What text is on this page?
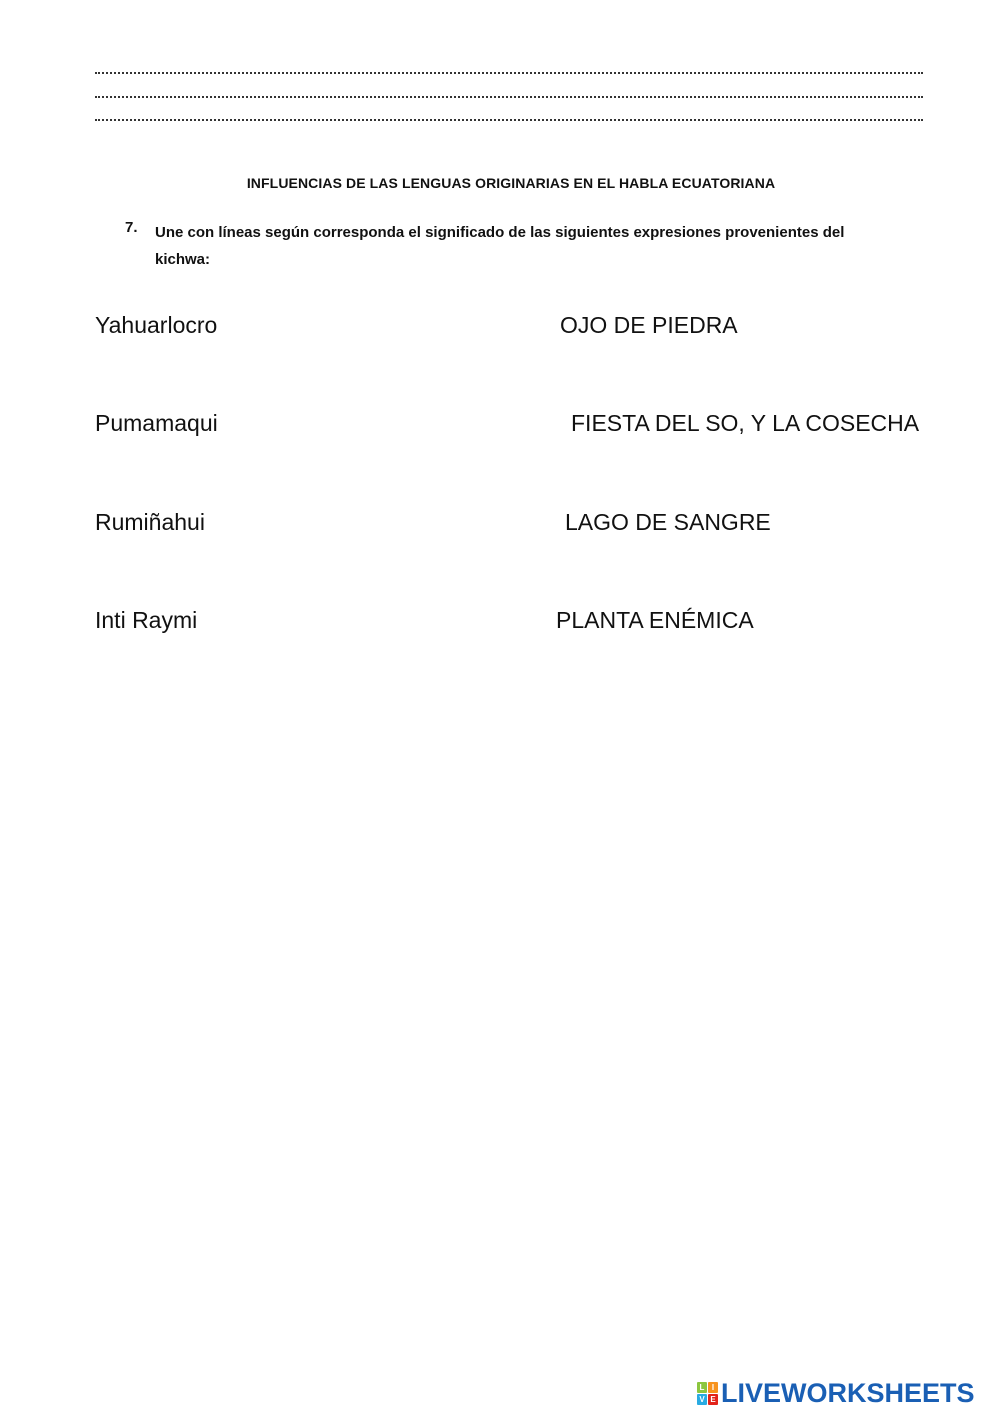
INFLUENCIAS DE LAS LENGUAS ORIGINARIAS EN EL HABLA ECUATORIANA
7. Une con líneas según corresponda el significado de las siguientes expresiones provenientes del kichwa:
Yahuarlocro
Pumamaqui
Rumiñahui
Inti Raymi
OJO DE PIEDRA
FIESTA DEL SO, Y LA COSECHA
LAGO DE SANGRE
PLANTA ENÉMICA
L I
V E LIVEWORKSHEETS
